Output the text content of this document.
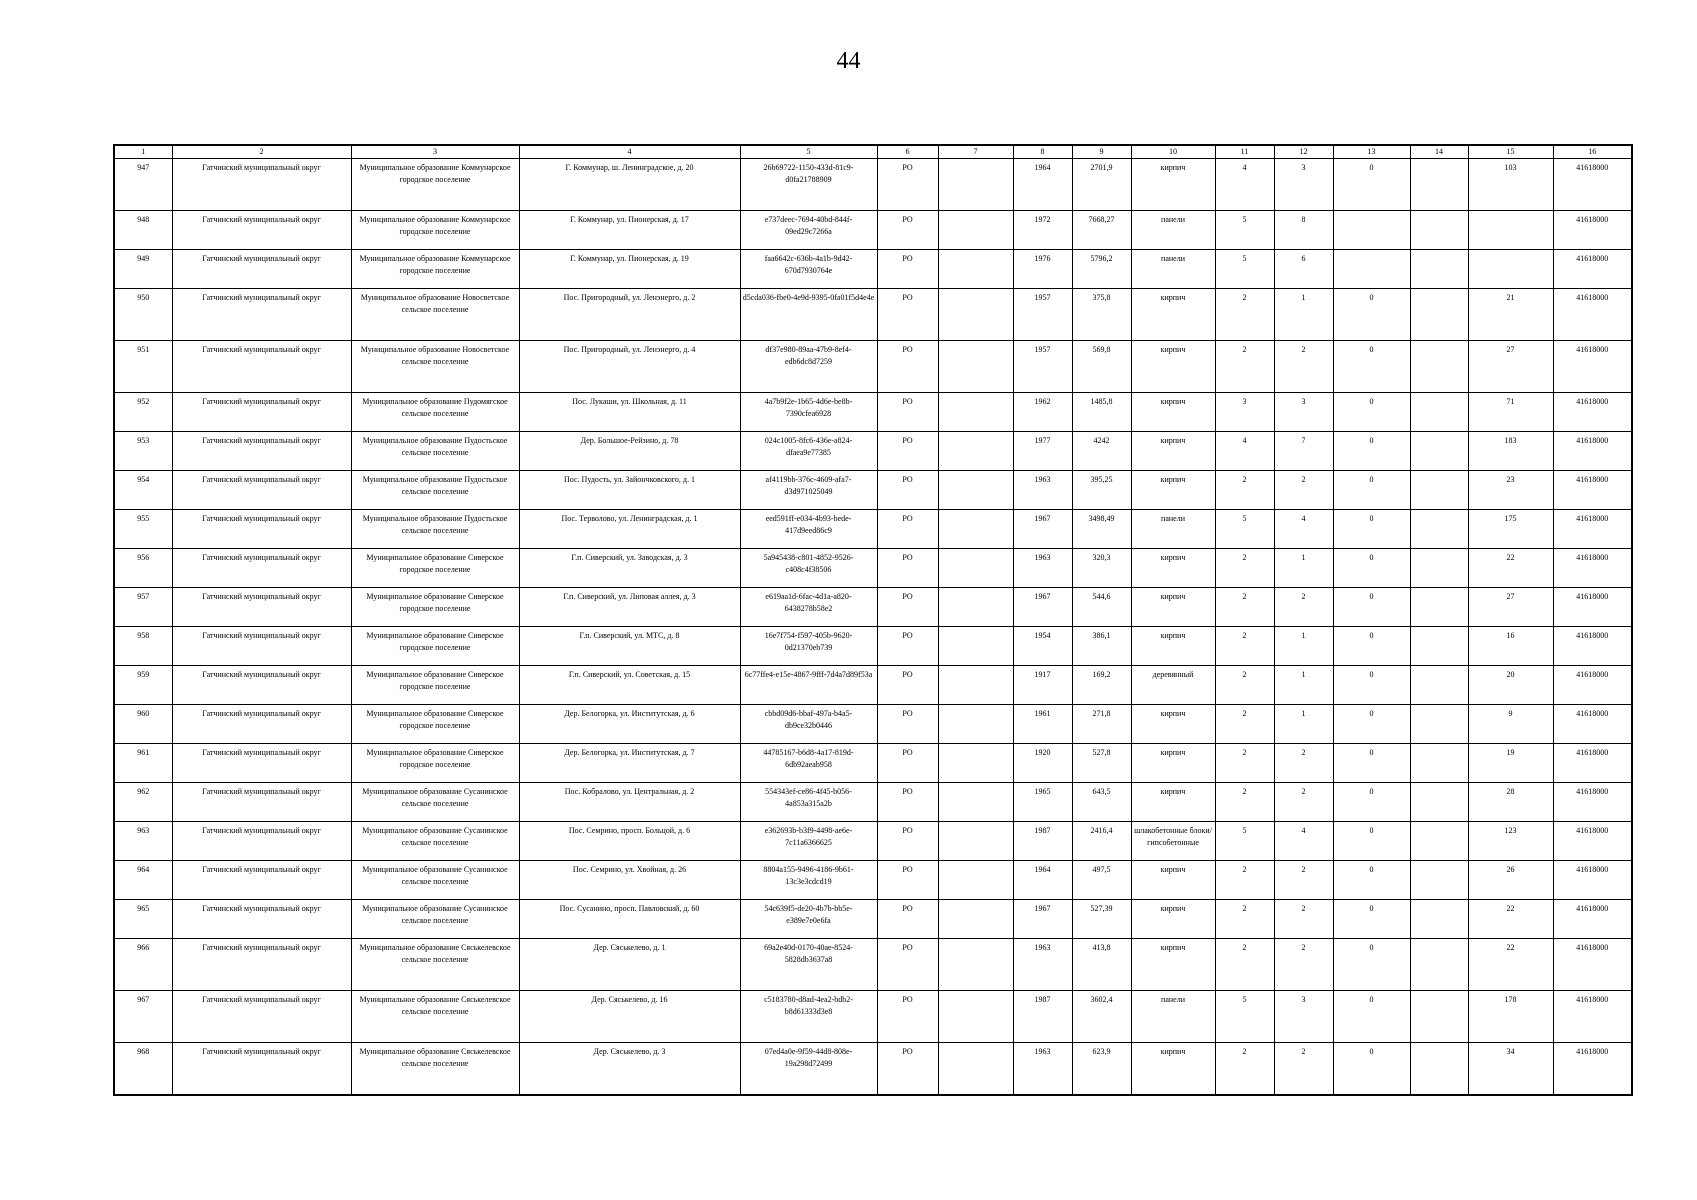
44
1	2	3	4	5	6	7	8	9	10	11	12	13	14	15	16
947	Гатчинский муниципальный округ	Муниципальное образование Коммунарское городское поселение	Г. Коммунар, ш. Ленинградское, д. 20	26b69722-1150-433d-81c9-d0fa21788909	РО		1964	2701,9	кирпич	4	3	0		103	41618000
948	Гатчинский муниципальный округ	Муниципальное образование Коммунарское городское поселение	Г. Коммунар, ул. Пионерская, д. 17	e737deec-7694-40bd-844f-09ed29c7266a	РО		1972	7668,27	панели	5	8				41618000
949	Гатчинский муниципальный округ	Муниципальное образование Коммунарское городское поселение	Г. Коммунар, ул. Пионерская, д. 19	faa6642c-636b-4a1b-9d42-670d7930764e	РО		1976	5796,2	панели	5	6				41618000
950	Гатчинский муниципальный округ	Муниципальное образование Новосветское сельское поселение	Пос. Пригородный, ул. Ленэнерго, д. 2	d5cda036-fbe0-4e9d-9395-0fa01f5d4e4e	РО		1957	375,8	кирпич	2	1	0		21	41618000
951	Гатчинский муниципальный округ	Муниципальное образование Новосветское сельское поселение	Пос. Пригородный, ул. Ленэнерго, д. 4	df37e980-89aa-47b9-8ef4-edb6dc8d7259	РО		1957	569,8	кирпич	2	2	0		27	41618000
952	Гатчинский муниципальный округ	Муниципальное образование Пудомягское сельское поселение	Пос. Лукаши, ул. Школьная, д. 11	4a7b9f2e-1b65-4d6e-be8b-7390cfea6928	РО		1962	1485,8	кирпич	3	3	0		71	41618000
953	Гатчинский муниципальный округ	Муниципальное образование Пудостьское сельское поселение	Дер. Большое-Рейзино, д. 78	024c1005-8fc6-436e-a824-dfaea9e77385	РО		1977	4242	кирпич	4	7	0		183	41618000
954	Гатчинский муниципальный округ	Муниципальное образование Пудостьское сельское поселение	Пос. Пудость, ул. Зайончковского, д. 1	af4119bb-376c-4609-afa7-d3d971025049	РО		1963	395,25	кирпич	2	2	0		23	41618000
955	Гатчинский муниципальный округ	Муниципальное образование Пудостьское сельское поселение	Пос. Терволово, ул. Ленинградская, д. 1	eed591ff-e034-4b93-bede-417d9eed86c9	РО		1967	3498,49	панели	5	4	0		175	41618000
956	Гатчинский муниципальный округ	Муниципальное образование Сиверское городское поселение	Г.п. Сиверский, ул. Заводская, д. 3	5a945438-c801-4852-9526-c408c4f38506	РО		1963	320,3	кирпич	2	1	0		22	41618000
957	Гатчинский муниципальный округ	Муниципальное образование Сиверское городское поселение	Г.п. Сиверский, ул. Липовая аллея, д. 3	e619aa1d-6fac-4d1a-a820-6438278b58e2	РО		1967	544,6	кирпич	2	2	0		27	41618000
958	Гатчинский муниципальный округ	Муниципальное образование Сиверское городское поселение	Г.п. Сиверский, ул. МТС, д. 8	16e7f754-f597-405b-9620-0d21370eb739	РО		1954	386,1	кирпич	2	1	0		16	41618000
959	Гатчинский муниципальный округ	Муниципальное образование Сиверское городское поселение	Г.п. Сиверский, ул. Советская, д. 15	6c77ffe4-e15e-4867-9fff-7d4a7d89f53a	РО		1917	169,2	деревянный	2	1	0		20	41618000
960	Гатчинский муниципальный округ	Муниципальное образование Сиверское городское поселение	Дер. Белогорка, ул. Институтская, д. 6	cbbd09d6-bbaf-497a-b4a5-db9ce32b0446	РО		1961	271,8	кирпич	2	1	0		9	41618000
961	Гатчинский муниципальный округ	Муниципальное образование Сиверское городское поселение	Дер. Белогорка, ул. Институтская, д. 7	44785167-b6d8-4a17-819d-6db92aeab958	РО		1920	527,8	кирпич	2	2	0		19	41618000
962	Гатчинский муниципальный округ	Муниципальное образование Сусанинское сельское поселение	Пос. Кобралово, ул. Центральная, д. 2	554343ef-ce86-4f45-b056-4a853a315a2b	РО		1965	643,5	кирпич	2	2	0		28	41618000
963	Гатчинский муниципальный округ	Муниципальное образование Сусанинское сельское поселение	Пос. Семрино, просп. Больцой, д. 6	e362693b-b3f9-4498-ae6e-7c11a6366625	РО		1987	2416,4	шлакобетонные блоки/гипсобетонные	5	4	0		123	41618000
964	Гатчинский муниципальный округ	Муниципальное образование Сусанинское сельское поселение	Пос. Семрино, ул. Хвойная, д. 26	8804a155-9496-4186-9b61-13c3e3cdcd19	РО		1964	497,5	кирпич	2	2	0		26	41618000
965	Гатчинский муниципальный округ	Муниципальное образование Сусанинское сельское поселение	Пос. Сусанино, просп. Павловский, д. 60	54c639f5-de20-4b7b-bb5e-e389e7e0e6fa	РО		1967	527,39	кирпич	2	2	0		22	41618000
966	Гатчинский муниципальный округ	Муниципальное образование Сяськелевское сельское поселение	Дер. Сяськелево, д. 1	69a2e40d-0170-40ae-8524-5828db3637a8	РО		1963	413,8	кирпич	2	2	0		22	41618000
967	Гатчинский муниципальный округ	Муниципальное образование Сяськелевское сельское поселение	Дер. Сяськелево, д. 16	c5183780-d8ad-4ea2-bdb2-b8d61333d3e8	РО		1987	3602,4	панели	5	3	0		178	41618000
968	Гатчинский муниципальный округ	Муниципальное образование Сяськелевское сельское поселение	Дер. Сяськелево, д. 3	07ed4a0e-9f59-44d8-808e-19a298d72499	РО		1963	623,9	кирпич	2	2	0		34	41618000
